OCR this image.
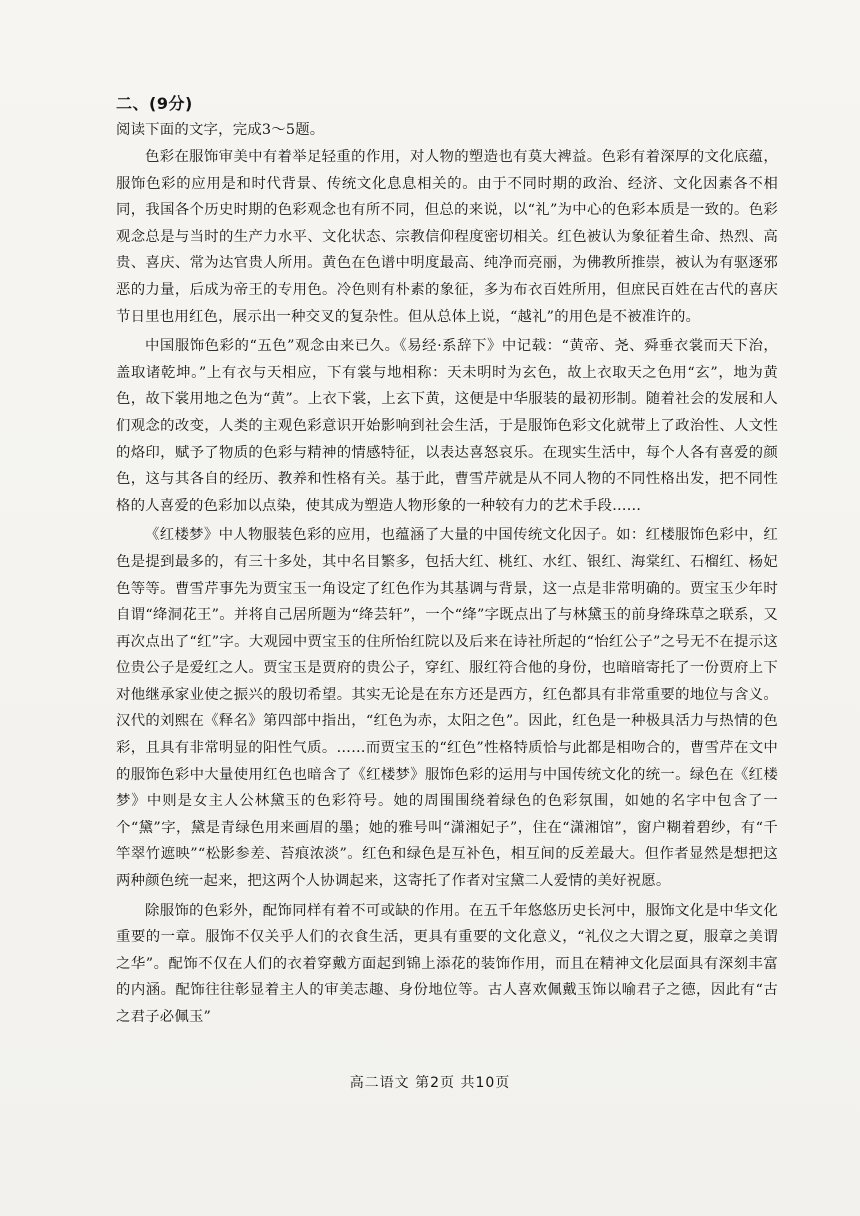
二、(9分)
阅读下面的文字，完成3～5题。

色彩在服饰审美中有着举足轻重的作用，对人物的塑造也有莫大裨益。色彩有着深厚的文化底蕴，服饰色彩的应用是和时代背景、传统文化息息相关的。由于不同时期的政治、经济、文化因素各不相同，我国各个历史时期的色彩观念也有所不同，但总的来说，以“礼”为中心的色彩本质是一致的。色彩观念总是与当时的生产力水平、文化状态、宗教信仰程度密切相关。红色被认为象征着生命、热烈、高贵、喜庆、常为达官贵人所用。黄色在色谱中明度最高、纯净而亮丽，为佛教所推崇，被认为有驱逐邪恶的力量，后成为帝王的专用色。冷色则有朴素的象征，多为布衣百姓所用，但庶民百姓在古代的喜庆节日里也用红色，展示出一种交叉的复杂性。但从总体上说，“越礼”的用色是不被准许的。

中国服饰色彩的“五色”观念由来已久。《易经·系辞下》中记载：“黄帝、尧、舜垂衣裳而天下治，盖取诸乾坤。”上有衣与天相应，下有裳与地相称：天未明时为玄色，故上衣取天之色用“玄”，地为黄色，故下裳用地之色为“黄”。上衣下裳，上玄下黄，这便是中华服装的最初形制。随着社会的发展和人们观念的改变，人类的主观色彩意识开始影响到社会生活，于是服饰色彩文化就带上了政治性、人文性的烙印，赋予了物质的色彩与精神的情感特征，以表达喜怒哀乐。在现实生活中，每个人各有喜爱的颜色，这与其各自的经历、教养和性格有关。基于此，曹雪芹就是从不同人物的不同性格出发，把不同性格的人喜爱的色彩加以点染，使其成为塑造人物形象的一种较有力的艺术手段……

《红楼梦》中人物服装色彩的应用，也蕴涵了大量的中国传统文化因子。如：红楼服饰色彩中，红色是提到最多的，有三十多处，其中名目繁多，包括大红、桃红、水红、银红、海棠红、石榴红、杨妃色等等。曹雪芹事先为贾宝玉一角设定了红色作为其基调与背景，这一点是非常明确的。贾宝玉少年时自谓“绛洞花王”。并将自己居所题为“绛芸轩”，一个“绛”字既点出了与林黛玉的前身绛珠草之联系，又再次点出了“红”字。大观园中贾宝玉的住所怡红院以及后来在诗社所起的“怡红公子”之号无不在提示这位贵公子是爱红之人。贾宝玉是贾府的贵公子，穿红、服红符合他的身份，也暗暗寄托了一份贾府上下对他继承家业使之振兴的殷切希望。其实无论是在东方还是西方，红色都具有非常重要的地位与含义。汉代的刘熙在《释名》第四部中指出，“红色为赤，太阳之色”。因此，红色是一种极具活力与热情的色彩，且具有非常明显的阳性气质。……而贾宝玉的“红色”性格特质恰与此都是相吻合的，曹雪芹在文中的服饰色彩中大量使用红色也暗含了《红楼梦》服饰色彩的运用与中国传统文化的统一。绿色在《红楼梦》中则是女主人公林黛玉的色彩符号。她的周围围绕着绿色的色彩氛围，如她的名字中包含了一个“黛”字，黛是青绿色用来画眉的墨；她的雅号叫“潇湘妃子”，住在“潇湘馆”，窗户糊着碧纱，有“千竿翠竹遮映”“松影参差、苔痕浓淡”。红色和绿色是互补色，相互间的反差最大。但作者显然是想把这两种颜色统一起来，把这两个人协调起来，这寄托了作者对宝黛二人爱情的美好祝愿。

除服饰的色彩外，配饰同样有着不可或缺的作用。在五千年悠悠历史长河中，服饰文化是中华文化重要的一章。服饰不仅关乎人们的衣食生活，更具有重要的文化意义，“礼仪之大谓之夏，服章之美谓之华”。配饰不仅在人们的衣着穿戴方面起到锦上添花的装饰作用，而且在精神文化层面具有深刻丰富的内涵。配饰往往彰显着主人的审美志趣、身份地位等。古人喜欢佩戴玉饰以喻君子之德，因此有“古之君子必佩玉”

高二语文 第2页 共10页
